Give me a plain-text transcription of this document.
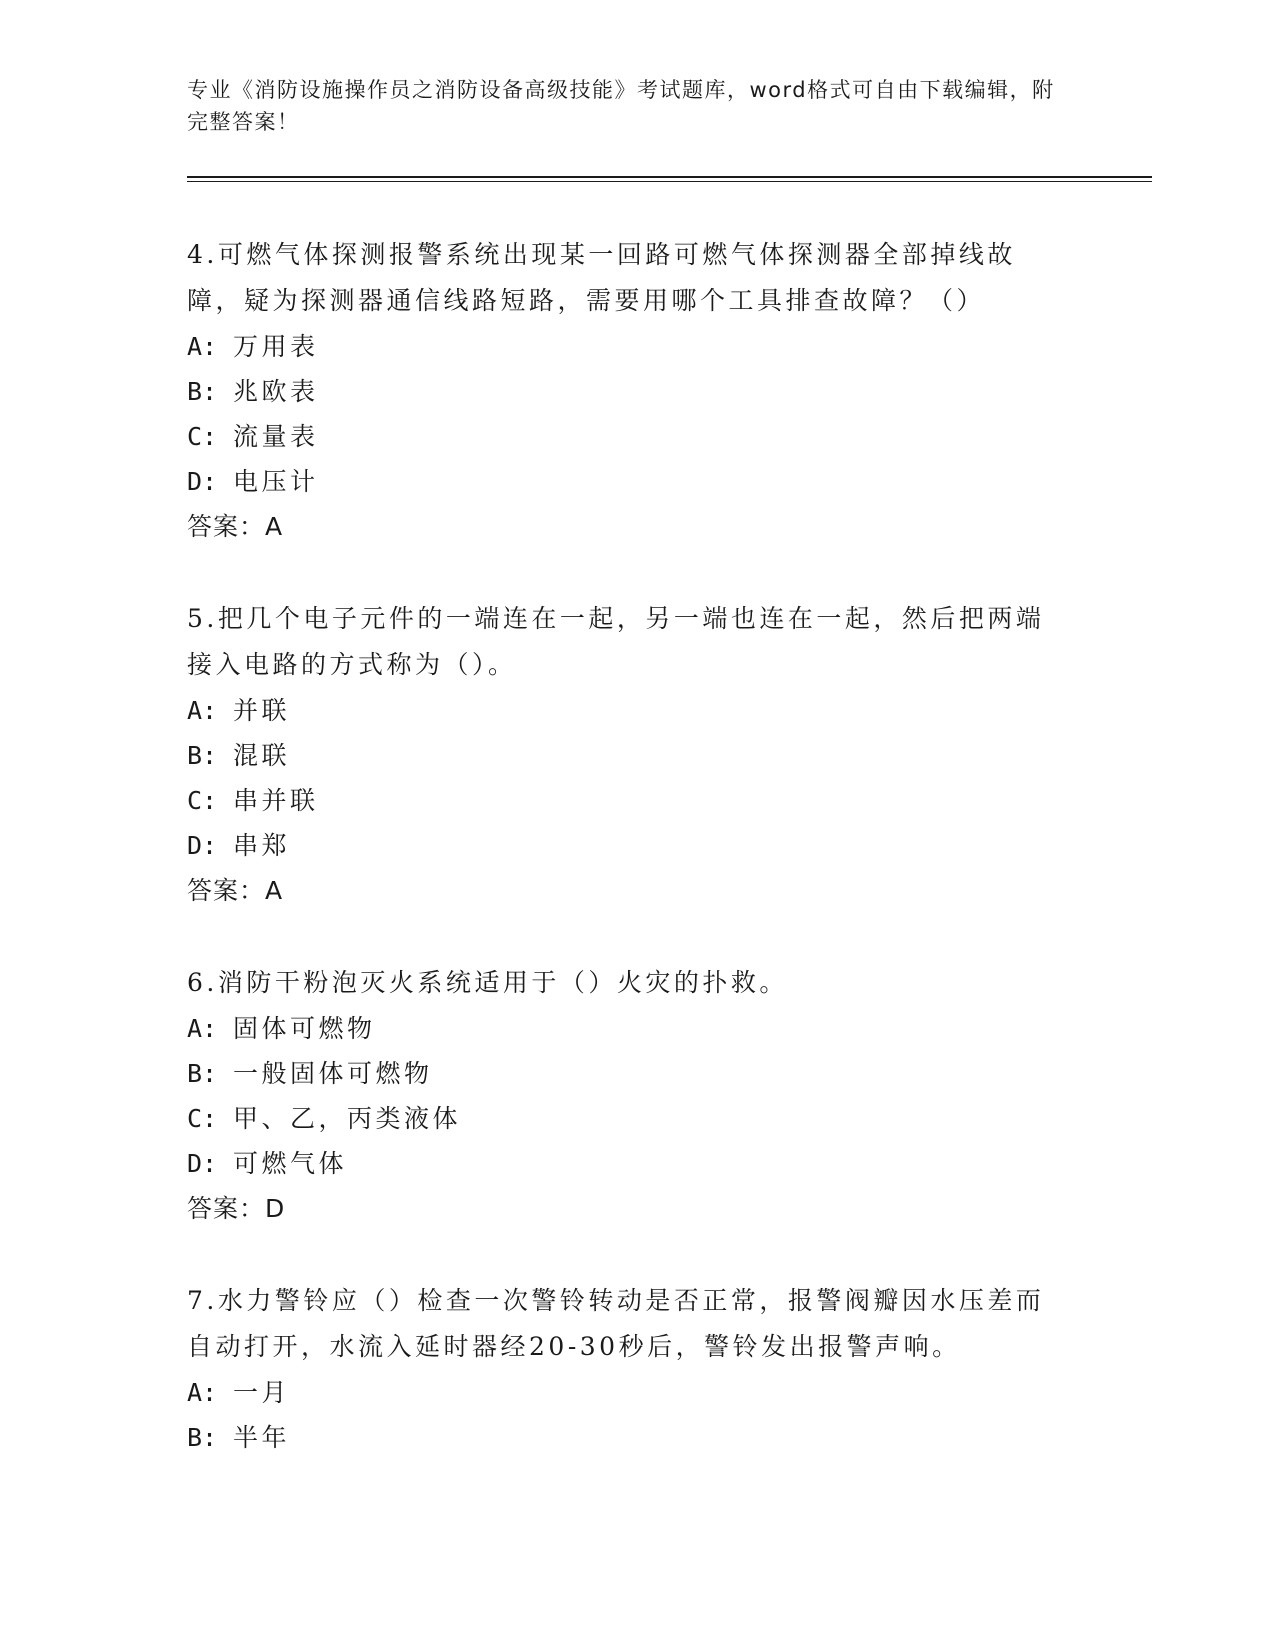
专业《消防设施操作员之消防设备高级技能》考试题库，word格式可自由下载编辑，附完整答案！

4.可燃气体探测报警系统出现某一回路可燃气体探测器全部掉线故障，疑为探测器通信线路短路，需要用哪个工具排查故障？（）

A: 万用表
B: 兆欧表
C: 流量表
D: 电压计
答案：A

5.把几个电子元件的一端连在一起，另一端也连在一起，然后把两端接入电路的方式称为（）。

A: 并联
B: 混联
C: 串并联
D: 串郑
答案：A

6.消防干粉泡灭火系统适用于（）火灾的扑救。

A: 固体可燃物
B: 一般固体可燃物
C: 甲、乙，丙类液体
D: 可燃气体
答案：D

7.水力警铃应（）检查一次警铃转动是否正常，报警阀瓣因水压差而自动打开，水流入延时器经20-30秒后，警铃发出报警声响。

A: 一月
B: 半年
